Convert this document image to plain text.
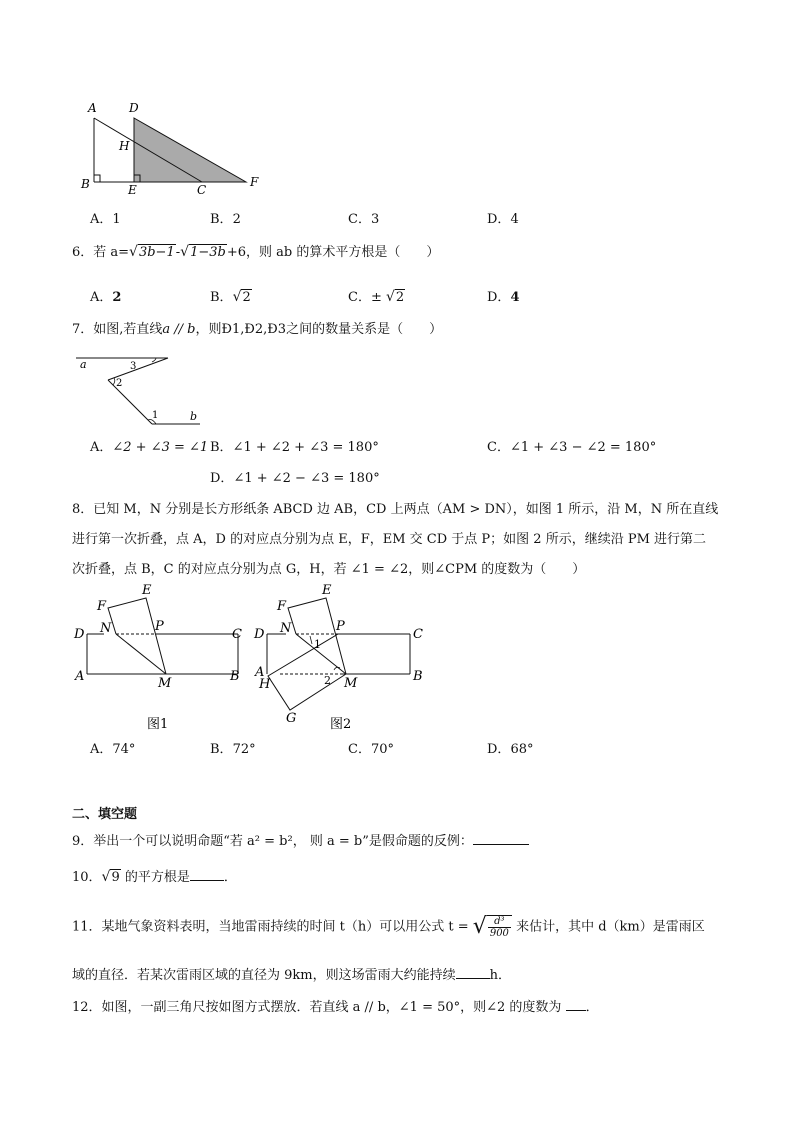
A	D
H
B	E	C
F
A．1	B．2	C．3	D．4
6．若 a=√3b−1-√1−3b+6，则 ab 的算术平方根是（　　）
A．2	B．√2	C．± √2	D．4
7．如图,若直线a // b，则Ð1,Ð2,Ð3之间的数量关系是（　　）
a
b
3
2
1
A．∠2 + ∠3 = ∠1 B．∠1 + ∠2 + ∠3 = 180°	C．∠1 + ∠3 − ∠2 = 180°
D．∠1 + ∠2 − ∠3 = 180°
8．已知 M，N 分别是长方形纸条 ABCD 边 AB，CD 上两点（AM > DN），如图 1 所示，沿 M，N 所在直线
进行第一次折叠，点 A，D 的对应点分别为点 E，F，EM 交 CD 于点 P；如图 2 所示，继续沿 PM 进行第二
次折叠，点 B，C 的对应点分别为点 G，H，若 ∠1 = ∠2，则∠CPM 的度数为（　　）
F
E
D N	P
C
A	M	B
图1
F
E
D N	P
C
A
H	M	B
G
1
2
图2
A．74°	B．72°	C．70°	D．68°
二、填空题
9．举出一个可以说明命题“若 a² = b²， 则 a = b”是假命题的反例：
10．√9 的平方根是	．
11．某地气象资料表明，当地雷雨持续的时间 t（h）可以用公式 t = √ $\frac{\text{d³}}{900}$ 来估计，其中 d（km）是雷雨区
域的直径．若某次雷雨区域的直径为 9km，则这场雷雨大约能持续	h．
12．如图，一副三角尺按如图方式摆放．若直线 a // b，∠1 = 50°，则∠2 的度数为 ．
